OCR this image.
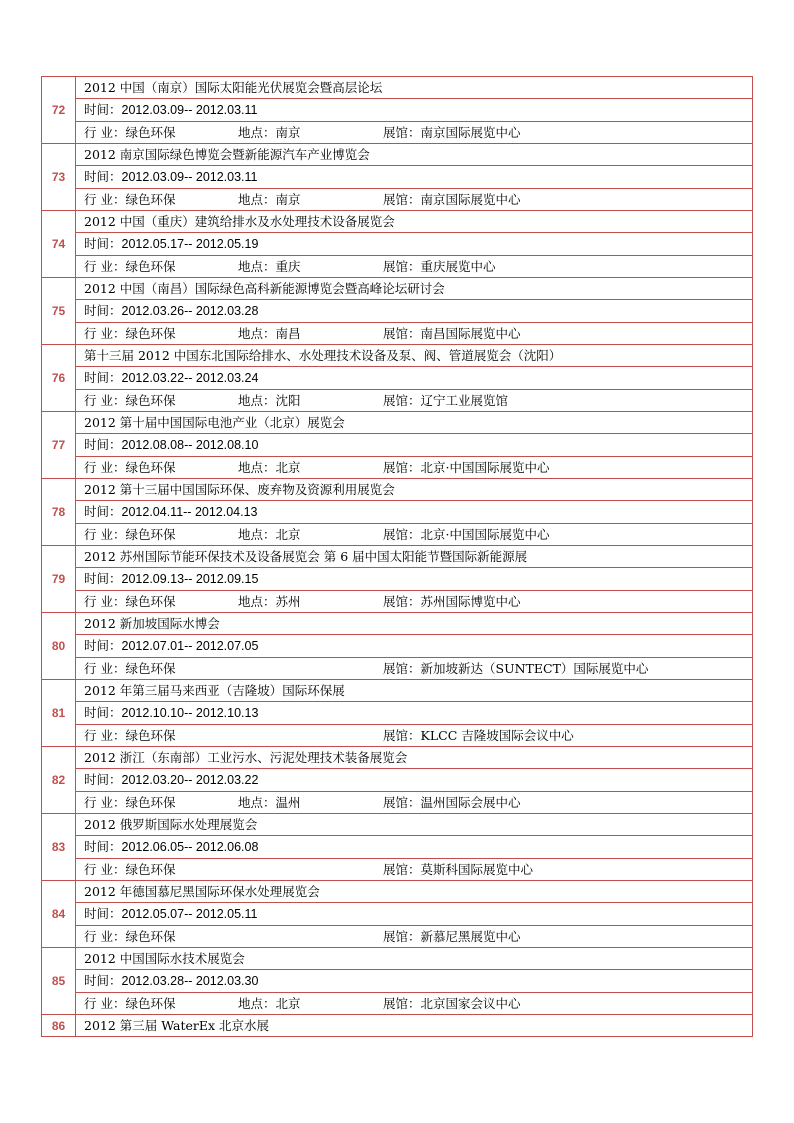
72	2012 中国（南京）国际太阳能光伏展览会暨高层论坛
	时间：2012.03.09-- 2012.03.11
	行 业：绿色环保 地点：南京 展馆：南京国际展览中心
73	2012 南京国际绿色博览会暨新能源汽车产业博览会
	时间：2012.03.09-- 2012.03.11
	行 业：绿色环保 地点：南京 展馆：南京国际展览中心
74	2012 中国（重庆）建筑给排水及水处理技术设备展览会
	时间：2012.05.17-- 2012.05.19
	行 业：绿色环保 地点：重庆 展馆：重庆展览中心
75	2012 中国（南昌）国际绿色高科新能源博览会暨高峰论坛研讨会
	时间：2012.03.26-- 2012.03.28
	行 业：绿色环保 地点：南昌 展馆：南昌国际展览中心
76	第十三届 2012 中国东北国际给排水、水处理技术设备及泵、阀、管道展览会（沈阳）
	时间：2012.03.22-- 2012.03.24
	行 业：绿色环保 地点：沈阳 展馆：辽宁工业展览馆
77	2012 第十届中国国际电池产业（北京）展览会
	时间：2012.08.08-- 2012.08.10
	行 业：绿色环保 地点：北京 展馆：北京·中国国际展览中心
78	2012 第十三届中国国际环保、废弃物及资源利用展览会
	时间：2012.04.11-- 2012.04.13
	行 业：绿色环保 地点：北京 展馆：北京·中国国际展览中心
79	2012 苏州国际节能环保技术及设备展览会 第 6 届中国太阳能节暨国际新能源展
	时间：2012.09.13-- 2012.09.15
	行 业：绿色环保 地点：苏州 展馆：苏州国际博览中心
80	2012 新加坡国际水博会
	时间：2012.07.01-- 2012.07.05
	行 业：绿色环保 展馆：新加坡新达（SUNTECT）国际展览中心
81	2012 年第三届马来西亚（吉隆坡）国际环保展
	时间：2012.10.10-- 2012.10.13
	行 业：绿色环保 展馆：KLCC 吉隆坡国际会议中心
82	2012 浙江（东南部）工业污水、污泥处理技术装备展览会
	时间：2012.03.20-- 2012.03.22
	行 业：绿色环保 地点：温州 展馆：温州国际会展中心
83	2012 俄罗斯国际水处理展览会
	时间：2012.06.05-- 2012.06.08
	行 业：绿色环保 展馆：莫斯科国际展览中心
84	2012 年德国慕尼黑国际环保水处理展览会
	时间：2012.05.07-- 2012.05.11
	行 业：绿色环保 展馆：新慕尼黑展览中心
85	2012 中国国际水技术展览会
	时间：2012.03.28-- 2012.03.30
	行 业：绿色环保 地点：北京 展馆：北京国家会议中心
86	2012 第三届 WaterEx 北京水展
